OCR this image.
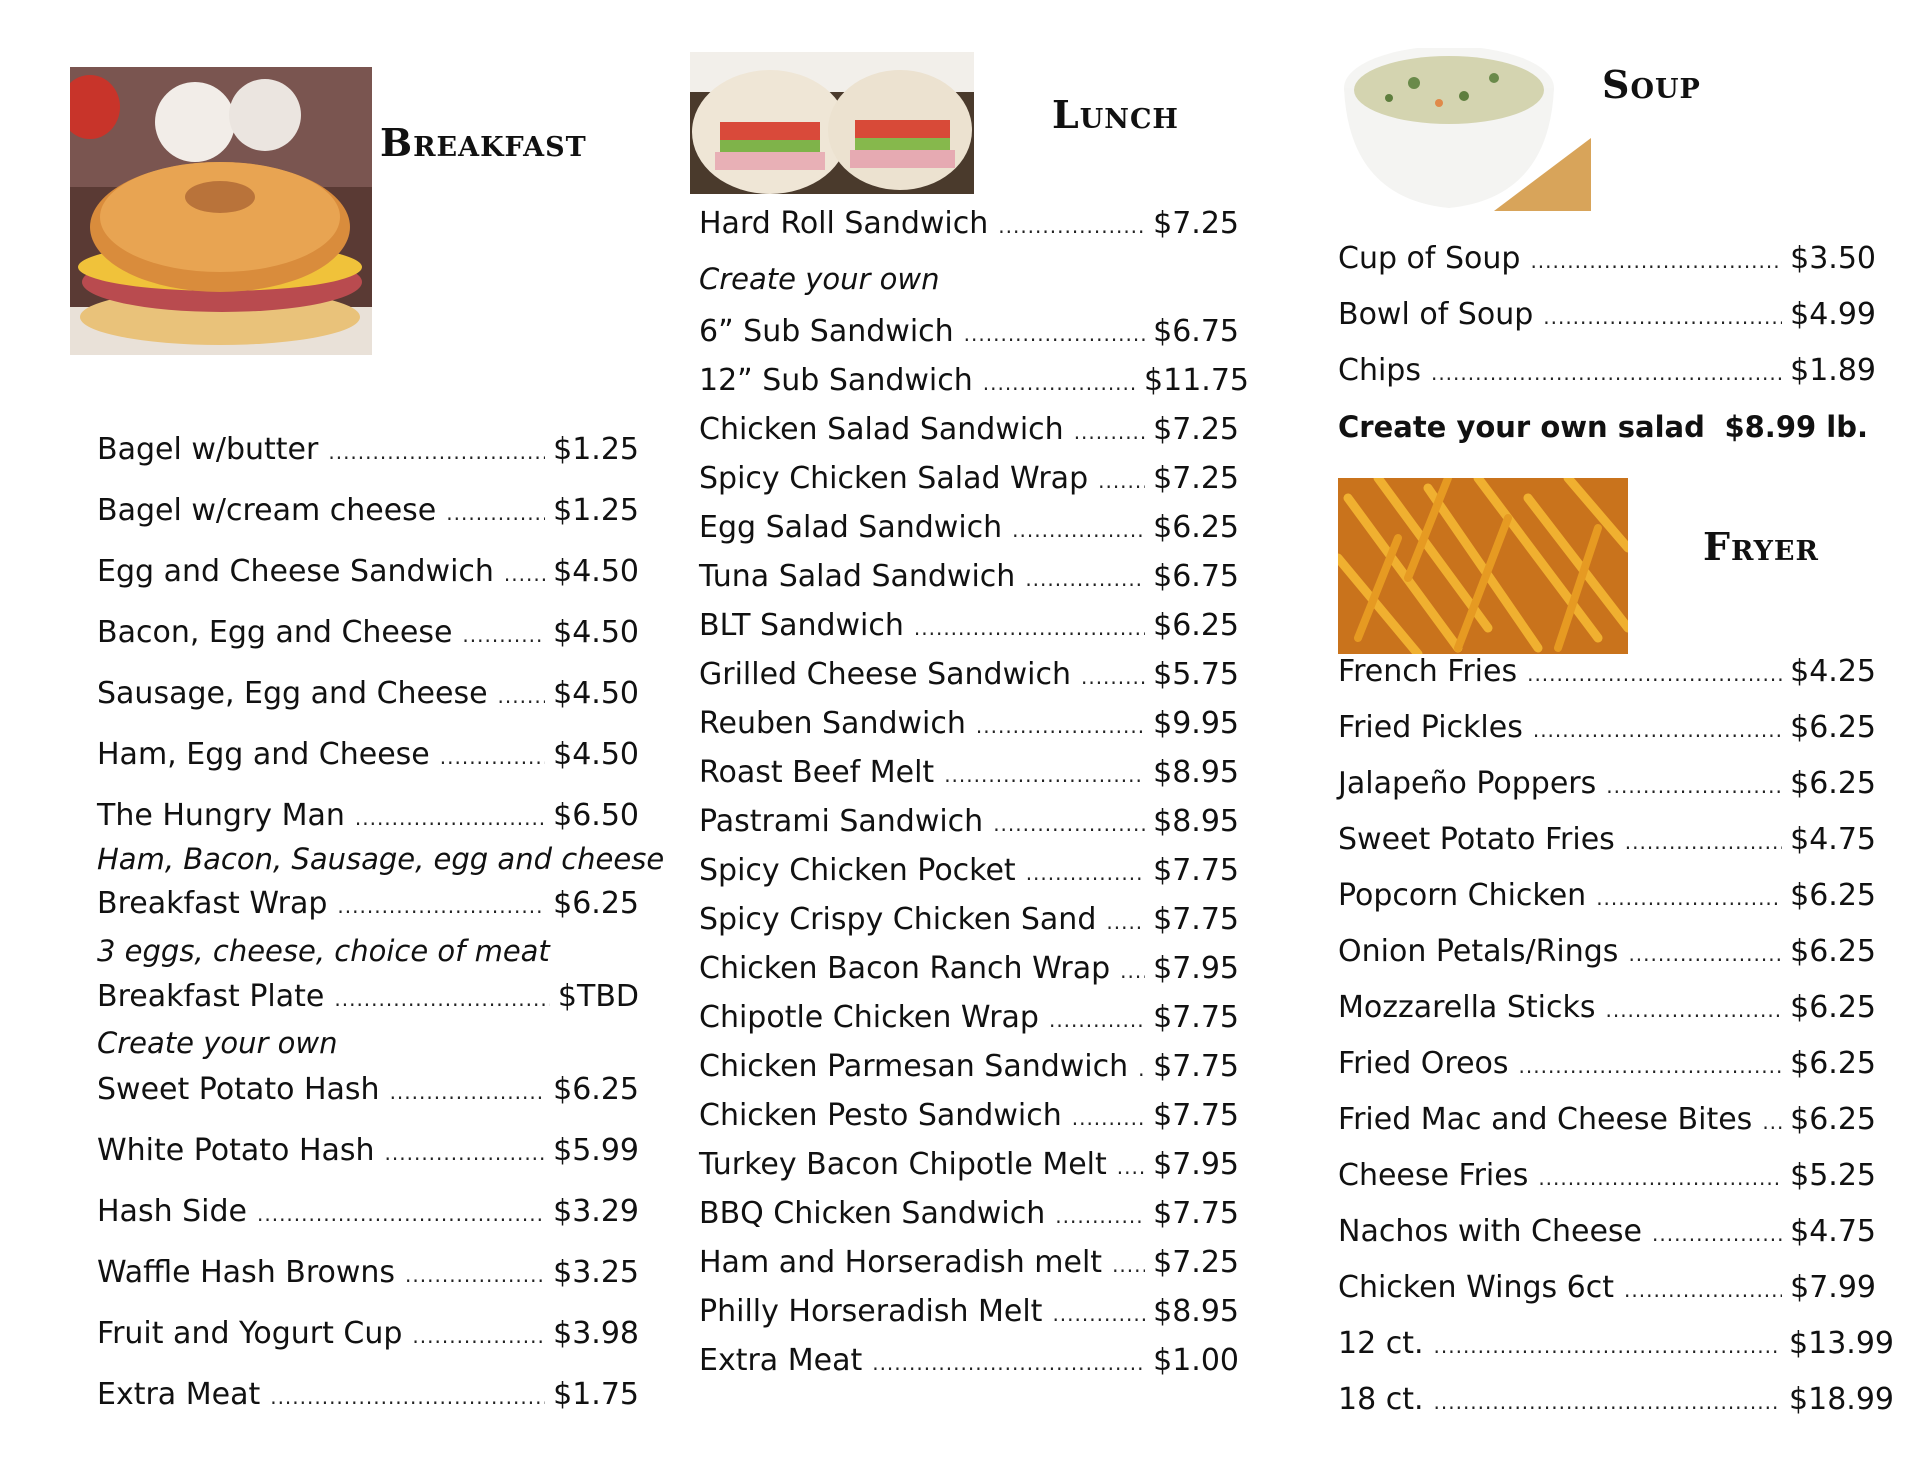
Breakfast
Bagel w/butter .....	$1.25
Bagel w/cream cheese .....	$1.25
Egg and Cheese Sandwich ..... $4.50
Bacon, Egg and Cheese .....	$4.50
Sausage, Egg and Cheese ..... $4.50
Ham, Egg and Cheese .....	$4.50
The Hungry Man .....	$6.50
Ham, Bacon, Sausage, egg and cheese
Breakfast Wrap .....	$6.25
3 eggs, cheese, choice of meat
Breakfast Plate .....	$TBD
Create your own
Sweet Potato Hash .....	$6.25
White Potato Hash .....	$5.99
Hash Side .....	$3.29
Waffle Hash Browns .....	$3.25
Fruit and Yogurt Cup .....	$3.98
Extra Meat .....	$1.75
Lunch
Hard Roll Sandwich .....	$7.25
Create your own
6” Sub Sandwich .....	$6.75
12” Sub Sandwich .....	$11.75
Chicken Salad Sandwich .....	$7.25
Spicy Chicken Salad Wrap ..... $7.25
Egg Salad Sandwich .....	$6.25
Tuna Salad Sandwich .....	$6.75
BLT Sandwich .....	$6.25
Grilled Cheese Sandwich .....	$5.75
Reuben Sandwich .....	$9.95
Roast Beef Melt .....	$8.95
Pastrami Sandwich .....	$8.95
Spicy Chicken Pocket .....	$7.75
Spicy Crispy Chicken Sand ..... $7.75
Chicken Bacon Ranch Wrap ..... $7.95
Chipotle Chicken Wrap .....	$7.75
Chicken Parmesan Sandwich ..... $7.75
Chicken Pesto Sandwich .....	$7.75
Turkey Bacon Chipotle Melt ..... $7.95
BBQ Chicken Sandwich .....	$7.75
Ham and Horseradish melt ..... $7.25
Philly Horseradish Melt .....	$8.95
Extra Meat .....	$1.00
Soup
Cup of Soup .....	$3.50
Bowl of Soup .....	$4.99
Chips .....	$1.89
Create your own salad ..... $8.99 lb.
Fryer
French Fries .....	$4.25
Fried Pickles .....	$6.25
Jalapeño Poppers .....	$6.25
Sweet Potato Fries .....	$4.75
Popcorn Chicken .....	$6.25
Onion Petals/Rings .....	$6.25
Mozzarella Sticks .....	$6.25
Fried Oreos .....	$6.25
Fried Mac and Cheese Bites ..... $6.25
Cheese Fries .....	$5.25
Nachos with Cheese .....	$4.75
Chicken Wings 6ct .....	$7.99
12 ct. .....	$13.99
18 ct. .....	$18.99
